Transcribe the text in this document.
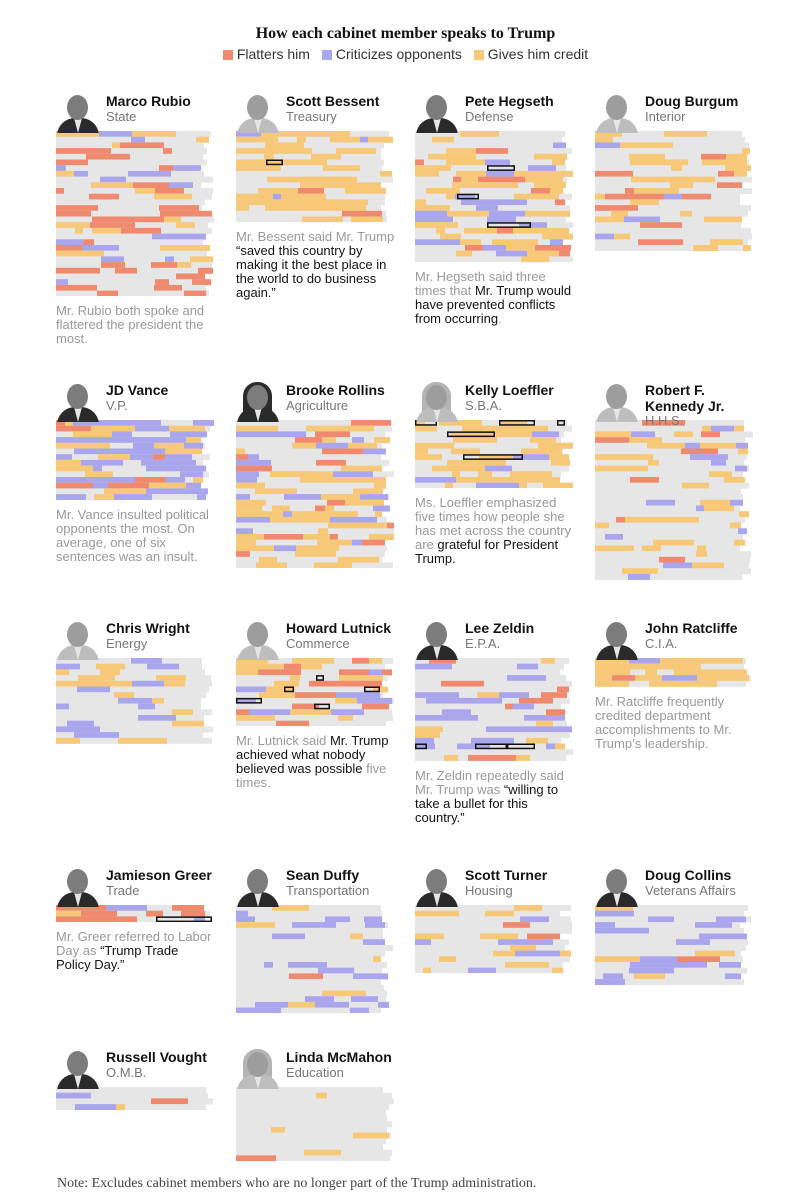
How each cabinet member speaks to Trump
Flatters him Criticizes opponents Gives him credit
Marco Rubio
State
Mr. Rubio both spoke and flattered the president the most.
Scott Bessent
Treasury
Mr. Bessent said Mr. Trump “saved this country by making it the best place in the world to do business again.”
Pete Hegseth
Defense
Mr. Hegseth said three times that Mr. Trump would have prevented conflicts from occurring.
Doug Burgum
Interior
JD Vance
V.P.
Mr. Vance insulted political opponents the most. On average, one of six sentences was an insult.
Brooke Rollins
Agriculture
Kelly Loeffler
S.B.A.
Ms. Loeffler emphasized five times how people she has met across the country are grateful for President Trump.
Robert F. Kennedy Jr.
H.H.S.
Chris Wright
Energy
Howard Lutnick
Commerce
Mr. Lutnick said Mr. Trump achieved what nobody believed was possible five times.
Lee Zeldin
E.P.A.
Mr. Zeldin repeatedly said Mr. Trump was “willing to take a bullet for this country.”
John Ratcliffe
C.I.A.
Mr. Ratcliffe frequently credited department accomplishments to Mr. Trump’s leadership.
Jamieson Greer
Trade
Mr. Greer referred to Labor Day as “Trump Trade Policy Day.”
Sean Duffy
Transportation
Scott Turner
Housing
Doug Collins
Veterans Affairs
Russell Vought
O.M.B.
Linda McMahon
Education
Note: Excludes cabinet members who are no longer part of the Trump administration.
